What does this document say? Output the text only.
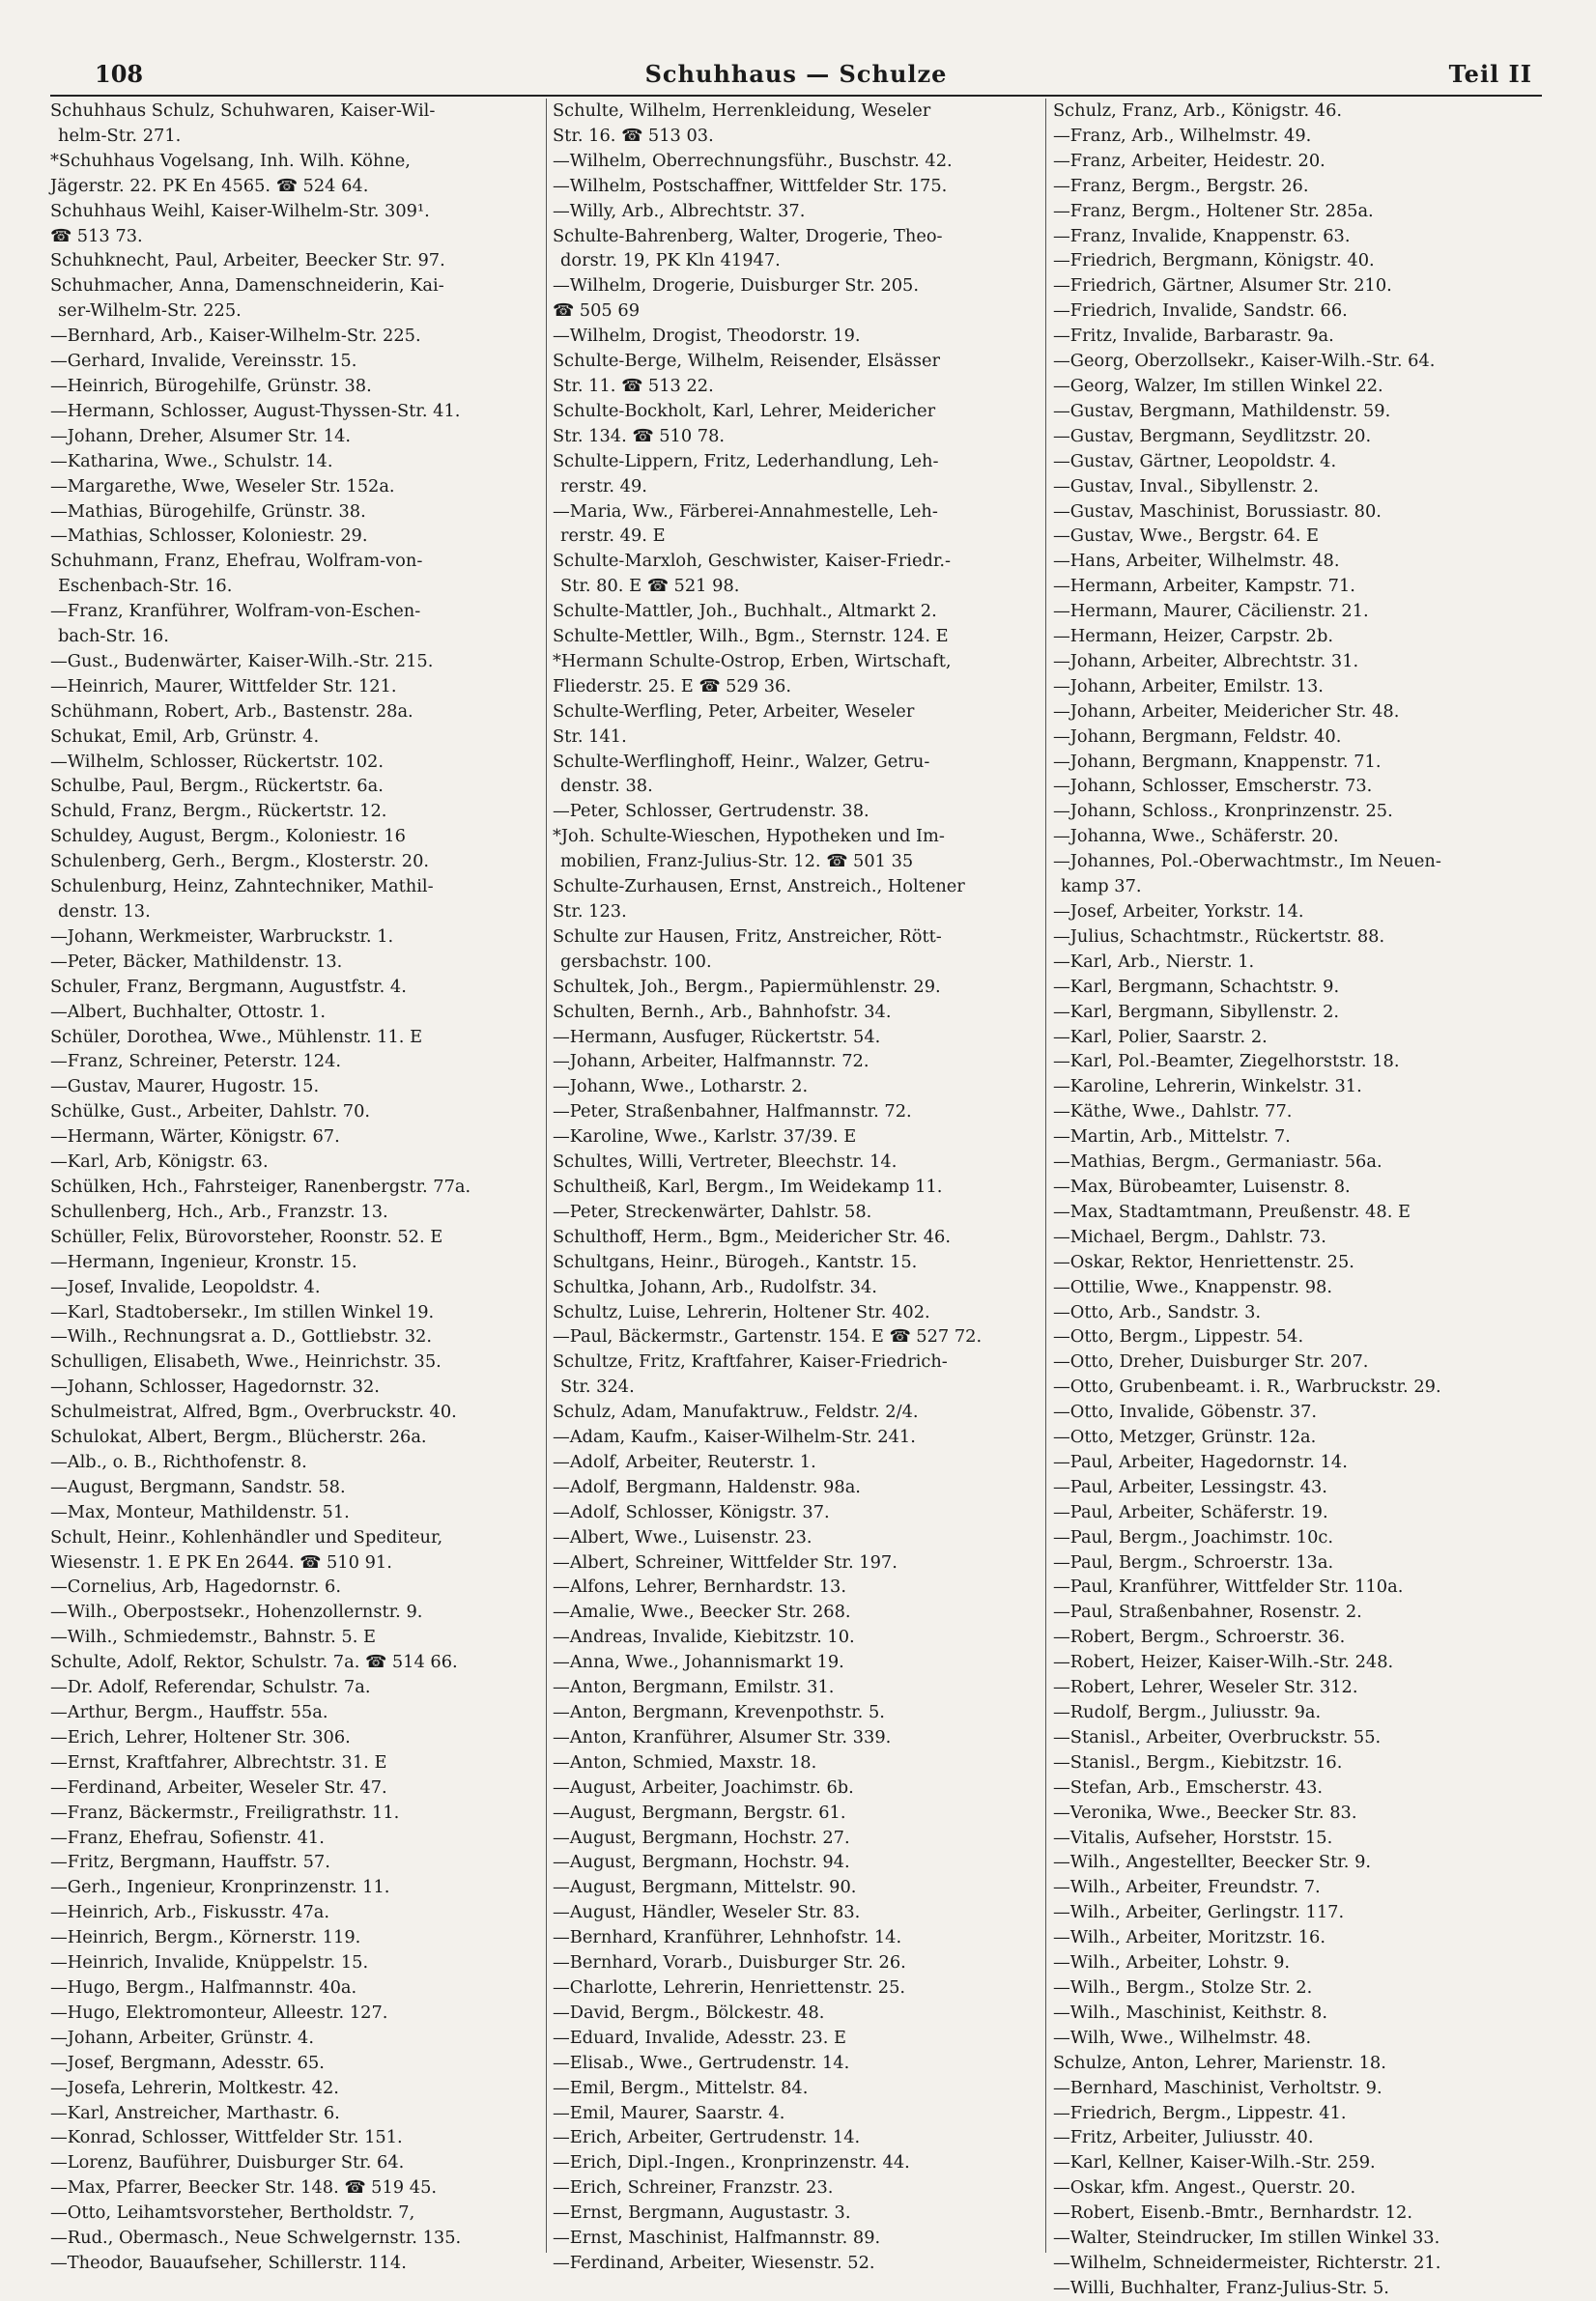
108	Schuhhaus — Schulze	Teil II
Schuhhaus Schulz, Schuhwaren, Kaiser-Wil-
helm-Str. 271.
*Schuhhaus Vogelsang, Inh. Wilh. Köhne,
Jägerstr. 22. PK En 4565. ☎ 524 64.
Schuhhaus Weihl, Kaiser-Wilhelm-Str. 309¹.
☎ 513 73.
Schuhknecht, Paul, Arbeiter, Beecker Str. 97.
Schuhmacher, Anna, Damenschneiderin, Kai-
ser-Wilhelm-Str. 225.
—Bernhard, Arb., Kaiser-Wilhelm-Str. 225.
—Gerhard, Invalide, Vereinsstr. 15.
—Heinrich, Bürogehilfe, Grünstr. 38.
—Hermann, Schlosser, August-Thyssen-Str. 41.
—Johann, Dreher, Alsumer Str. 14.
—Katharina, Wwe., Schulstr. 14.
—Margarethe, Wwe, Weseler Str. 152a.
—Mathias, Bürogehilfe, Grünstr. 38.
—Mathias, Schlosser, Koloniestr. 29.
Schuhmann, Franz, Ehefrau, Wolfram-von-
Eschenbach-Str. 16.
—Franz, Kranführer, Wolfram-von-Eschen-
bach-Str. 16.
—Gust., Budenwärter, Kaiser-Wilh.-Str. 215.
—Heinrich, Maurer, Wittfelder Str. 121.
Schühmann, Robert, Arb., Bastenstr. 28a.
Schukat, Emil, Arb, Grünstr. 4.
—Wilhelm, Schlosser, Rückertstr. 102.
Schulbe, Paul, Bergm., Rückertstr. 6a.
Schuld, Franz, Bergm., Rückertstr. 12.
Schuldey, August, Bergm., Koloniestr. 16
Schulenberg, Gerh., Bergm., Klosterstr. 20.
Schulenburg, Heinz, Zahntechniker, Mathil-
denstr. 13.
—Johann, Werkmeister, Warbruckstr. 1.
—Peter, Bäcker, Mathildenstr. 13.
Schuler, Franz, Bergmann, Augustfstr. 4.
—Albert, Buchhalter, Ottostr. 1.
Schüler, Dorothea, Wwe., Mühlenstr. 11. E
—Franz, Schreiner, Peterstr. 124.
—Gustav, Maurer, Hugostr. 15.
Schülke, Gust., Arbeiter, Dahlstr. 70.
—Hermann, Wärter, Königstr. 67.
—Karl, Arb, Königstr. 63.
Schülken, Hch., Fahrsteiger, Ranenbergstr. 77a.
Schullenberg, Hch., Arb., Franzstr. 13.
Schüller, Felix, Bürovorsteher, Roonstr. 52. E
—Hermann, Ingenieur, Kronstr. 15.
—Josef, Invalide, Leopoldstr. 4.
—Karl, Stadtobersekr., Im stillen Winkel 19.
—Wilh., Rechnungsrat a. D., Gottliebstr. 32.
Schulligen, Elisabeth, Wwe., Heinrichstr. 35.
—Johann, Schlosser, Hagedornstr. 32.
Schulmeistrat, Alfred, Bgm., Overbruckstr. 40.
Schulokat, Albert, Bergm., Blücherstr. 26a.
—Alb., o. B., Richthofenstr. 8.
—August, Bergmann, Sandstr. 58.
—Max, Monteur, Mathildenstr. 51.
Schult, Heinr., Kohlenhändler und Spediteur,
Wiesenstr. 1. E PK En 2644. ☎ 510 91.
—Cornelius, Arb, Hagedornstr. 6.
—Wilh., Oberpostsekr., Hohenzollernstr. 9.
—Wilh., Schmiedemstr., Bahnstr. 5. E
Schulte, Adolf, Rektor, Schulstr. 7a. ☎ 514 66.
—Dr. Adolf, Referendar, Schulstr. 7a.
—Arthur, Bergm., Hauffstr. 55a.
—Erich, Lehrer, Holtener Str. 306.
—Ernst, Kraftfahrer, Albrechtstr. 31. E
—Ferdinand, Arbeiter, Weseler Str. 47.
—Franz, Bäckermstr., Freiligrathstr. 11.
—Franz, Ehefrau, Sofienstr. 41.
—Fritz, Bergmann, Hauffstr. 57.
—Gerh., Ingenieur, Kronprinzenstr. 11.
—Heinrich, Arb., Fiskusstr. 47a.
—Heinrich, Bergm., Körnerstr. 119.
—Heinrich, Invalide, Knüppelstr. 15.
—Hugo, Bergm., Halfmannstr. 40a.
—Hugo, Elektromonteur, Alleestr. 127.
—Johann, Arbeiter, Grünstr. 4.
—Josef, Bergmann, Adesstr. 65.
—Josefa, Lehrerin, Moltkestr. 42.
—Karl, Anstreicher, Marthastr. 6.
—Konrad, Schlosser, Wittfelder Str. 151.
—Lorenz, Bauführer, Duisburger Str. 64.
—Max, Pfarrer, Beecker Str. 148. ☎ 519 45.
—Otto, Leihamtsvorsteher, Bertholdstr. 7,
—Rud., Obermasch., Neue Schwelgernstr. 135.
—Theodor, Bauaufseher, Schillerstr. 114.
Schulte, Wilhelm, Herrenkleidung, Weseler
Str. 16. ☎ 513 03.
—Wilhelm, Oberrechnungsführ., Buschstr. 42.
—Wilhelm, Postschaffner, Wittfelder Str. 175.
—Willy, Arb., Albrechtstr. 37.
Schulte-Bahrenberg, Walter, Drogerie, Theo-
dorstr. 19, PK Kln 41947.
—Wilhelm, Drogerie, Duisburger Str. 205.
☎ 505 69
—Wilhelm, Drogist, Theodorstr. 19.
Schulte-Berge, Wilhelm, Reisender, Elsässer
Str. 11. ☎ 513 22.
Schulte-Bockholt, Karl, Lehrer, Meidericher
Str. 134. ☎ 510 78.
Schulte-Lippern, Fritz, Lederhandlung, Leh-
rerstr. 49.
—Maria, Ww., Färberei-Annahmestelle, Leh-
rerstr. 49. E
Schulte-Marxloh, Geschwister, Kaiser-Friedr.-
Str. 80. E ☎ 521 98.
Schulte-Mattler, Joh., Buchhalt., Altmarkt 2.
Schulte-Mettler, Wilh., Bgm., Sternstr. 124. E
*Hermann Schulte-Ostrop, Erben, Wirtschaft,
Fliederstr. 25. E ☎ 529 36.
Schulte-Werfling, Peter, Arbeiter, Weseler
Str. 141.
Schulte-Werflinghoff, Heinr., Walzer, Getru-
denstr. 38.
—Peter, Schlosser, Gertrudenstr. 38.
*Joh. Schulte-Wieschen, Hypotheken und Im-
mobilien, Franz-Julius-Str. 12. ☎ 501 35
Schulte-Zurhausen, Ernst, Anstreich., Holtener
Str. 123.
Schulte zur Hausen, Fritz, Anstreicher, Rött-
gersbachstr. 100.
Schultek, Joh., Bergm., Papiermühlenstr. 29.
Schulten, Bernh., Arb., Bahnhofstr. 34.
—Hermann, Ausfuger, Rückertstr. 54.
—Johann, Arbeiter, Halfmannstr. 72.
—Johann, Wwe., Lotharstr. 2.
—Peter, Straßenbahner, Halfmannstr. 72.
—Karoline, Wwe., Karlstr. 37/39. E
Schultes, Willi, Vertreter, Bleechstr. 14.
Schultheiß, Karl, Bergm., Im Weidekamp 11.
—Peter, Streckenwärter, Dahlstr. 58.
Schulthoff, Herm., Bgm., Meidericher Str. 46.
Schultgans, Heinr., Bürogeh., Kantstr. 15.
Schultka, Johann, Arb., Rudolfstr. 34.
Schultz, Luise, Lehrerin, Holtener Str. 402.
—Paul, Bäckermstr., Gartenstr. 154. E ☎ 527 72.
Schultze, Fritz, Kraftfahrer, Kaiser-Friedrich-
Str. 324.
Schulz, Adam, Manufaktruw., Feldstr. 2/4.
—Adam, Kaufm., Kaiser-Wilhelm-Str. 241.
—Adolf, Arbeiter, Reuterstr. 1.
—Adolf, Bergmann, Haldenstr. 98a.
—Adolf, Schlosser, Königstr. 37.
—Albert, Wwe., Luisenstr. 23.
—Albert, Schreiner, Wittfelder Str. 197.
—Alfons, Lehrer, Bernhardstr. 13.
—Amalie, Wwe., Beecker Str. 268.
—Andreas, Invalide, Kiebitzstr. 10.
—Anna, Wwe., Johannismarkt 19.
—Anton, Bergmann, Emilstr. 31.
—Anton, Bergmann, Krevenpothstr. 5.
—Anton, Kranführer, Alsumer Str. 339.
—Anton, Schmied, Maxstr. 18.
—August, Arbeiter, Joachimstr. 6b.
—August, Bergmann, Bergstr. 61.
—August, Bergmann, Hochstr. 27.
—August, Bergmann, Hochstr. 94.
—August, Bergmann, Mittelstr. 90.
—August, Händler, Weseler Str. 83.
—Bernhard, Kranführer, Lehnhofstr. 14.
—Bernhard, Vorarb., Duisburger Str. 26.
—Charlotte, Lehrerin, Henriettenstr. 25.
—David, Bergm., Bölckestr. 48.
—Eduard, Invalide, Adesstr. 23. E
—Elisab., Wwe., Gertrudenstr. 14.
—Emil, Bergm., Mittelstr. 84.
—Emil, Maurer, Saarstr. 4.
—Erich, Arbeiter, Gertrudenstr. 14.
—Erich, Dipl.-Ingen., Kronprinzenstr. 44.
—Erich, Schreiner, Franzstr. 23.
—Ernst, Bergmann, Augustastr. 3.
—Ernst, Maschinist, Halfmannstr. 89.
—Ferdinand, Arbeiter, Wiesenstr. 52.
Schulz, Franz, Arb., Königstr. 46.
—Franz, Arb., Wilhelmstr. 49.
—Franz, Arbeiter, Heidestr. 20.
—Franz, Bergm., Bergstr. 26.
—Franz, Bergm., Holtener Str. 285a.
—Franz, Invalide, Knappenstr. 63.
—Friedrich, Bergmann, Königstr. 40.
—Friedrich, Gärtner, Alsumer Str. 210.
—Friedrich, Invalide, Sandstr. 66.
—Fritz, Invalide, Barbarastr. 9a.
—Georg, Oberzollsekr., Kaiser-Wilh.-Str. 64.
—Georg, Walzer, Im stillen Winkel 22.
—Gustav, Bergmann, Mathildenstr. 59.
—Gustav, Bergmann, Seydlitzstr. 20.
—Gustav, Gärtner, Leopoldstr. 4.
—Gustav, Inval., Sibyllenstr. 2.
—Gustav, Maschinist, Borussiastr. 80.
—Gustav, Wwe., Bergstr. 64. E
—Hans, Arbeiter, Wilhelmstr. 48.
—Hermann, Arbeiter, Kampstr. 71.
—Hermann, Maurer, Cäcilienstr. 21.
—Hermann, Heizer, Carpstr. 2b.
—Johann, Arbeiter, Albrechtstr. 31.
—Johann, Arbeiter, Emilstr. 13.
—Johann, Arbeiter, Meidericher Str. 48.
—Johann, Bergmann, Feldstr. 40.
—Johann, Bergmann, Knappenstr. 71.
—Johann, Schlosser, Emscherstr. 73.
—Johann, Schloss., Kronprinzenstr. 25.
—Johanna, Wwe., Schäferstr. 20.
—Johannes, Pol.-Oberwachtmstr., Im Neuen-
kamp 37.
—Josef, Arbeiter, Yorkstr. 14.
—Julius, Schachtmstr., Rückertstr. 88.
—Karl, Arb., Nierstr. 1.
—Karl, Bergmann, Schachtstr. 9.
—Karl, Bergmann, Sibyllenstr. 2.
—Karl, Polier, Saarstr. 2.
—Karl, Pol.-Beamter, Ziegelhorststr. 18.
—Karoline, Lehrerin, Winkelstr. 31.
—Käthe, Wwe., Dahlstr. 77.
—Martin, Arb., Mittelstr. 7.
—Mathias, Bergm., Germaniastr. 56a.
—Max, Bürobeamter, Luisenstr. 8.
—Max, Stadtamtmann, Preußenstr. 48. E
—Michael, Bergm., Dahlstr. 73.
—Oskar, Rektor, Henriettenstr. 25.
—Ottilie, Wwe., Knappenstr. 98.
—Otto, Arb., Sandstr. 3.
—Otto, Bergm., Lippestr. 54.
—Otto, Dreher, Duisburger Str. 207.
—Otto, Grubenbeamt. i. R., Warbruckstr. 29.
—Otto, Invalide, Göbenstr. 37.
—Otto, Metzger, Grünstr. 12a.
—Paul, Arbeiter, Hagedornstr. 14.
—Paul, Arbeiter, Lessingstr. 43.
—Paul, Arbeiter, Schäferstr. 19.
—Paul, Bergm., Joachimstr. 10c.
—Paul, Bergm., Schroerstr. 13a.
—Paul, Kranführer, Wittfelder Str. 110a.
—Paul, Straßenbahner, Rosenstr. 2.
—Robert, Bergm., Schroerstr. 36.
—Robert, Heizer, Kaiser-Wilh.-Str. 248.
—Robert, Lehrer, Weseler Str. 312.
—Rudolf, Bergm., Juliusstr. 9a.
—Stanisl., Arbeiter, Overbruckstr. 55.
—Stanisl., Bergm., Kiebitzstr. 16.
—Stefan, Arb., Emscherstr. 43.
—Veronika, Wwe., Beecker Str. 83.
—Vitalis, Aufseher, Horststr. 15.
—Wilh., Angestellter, Beecker Str. 9.
—Wilh., Arbeiter, Freundstr. 7.
—Wilh., Arbeiter, Gerlingstr. 117.
—Wilh., Arbeiter, Moritzstr. 16.
—Wilh., Arbeiter, Lohstr. 9.
—Wilh., Bergm., Stolze Str. 2.
—Wilh., Maschinist, Keithstr. 8.
—Wilh, Wwe., Wilhelmstr. 48.
Schulze, Anton, Lehrer, Marienstr. 18.
—Bernhard, Maschinist, Verholtstr. 9.
—Friedrich, Bergm., Lippestr. 41.
—Fritz, Arbeiter, Juliusstr. 40.
—Karl, Kellner, Kaiser-Wilh.-Str. 259.
—Oskar, kfm. Angest., Querstr. 20.
—Robert, Eisenb.-Bmtr., Bernhardstr. 12.
—Walter, Steindrucker, Im stillen Winkel 33.
—Wilhelm, Schneidermeister, Richterstr. 21.
—Willi, Buchhalter, Franz-Julius-Str. 5.
